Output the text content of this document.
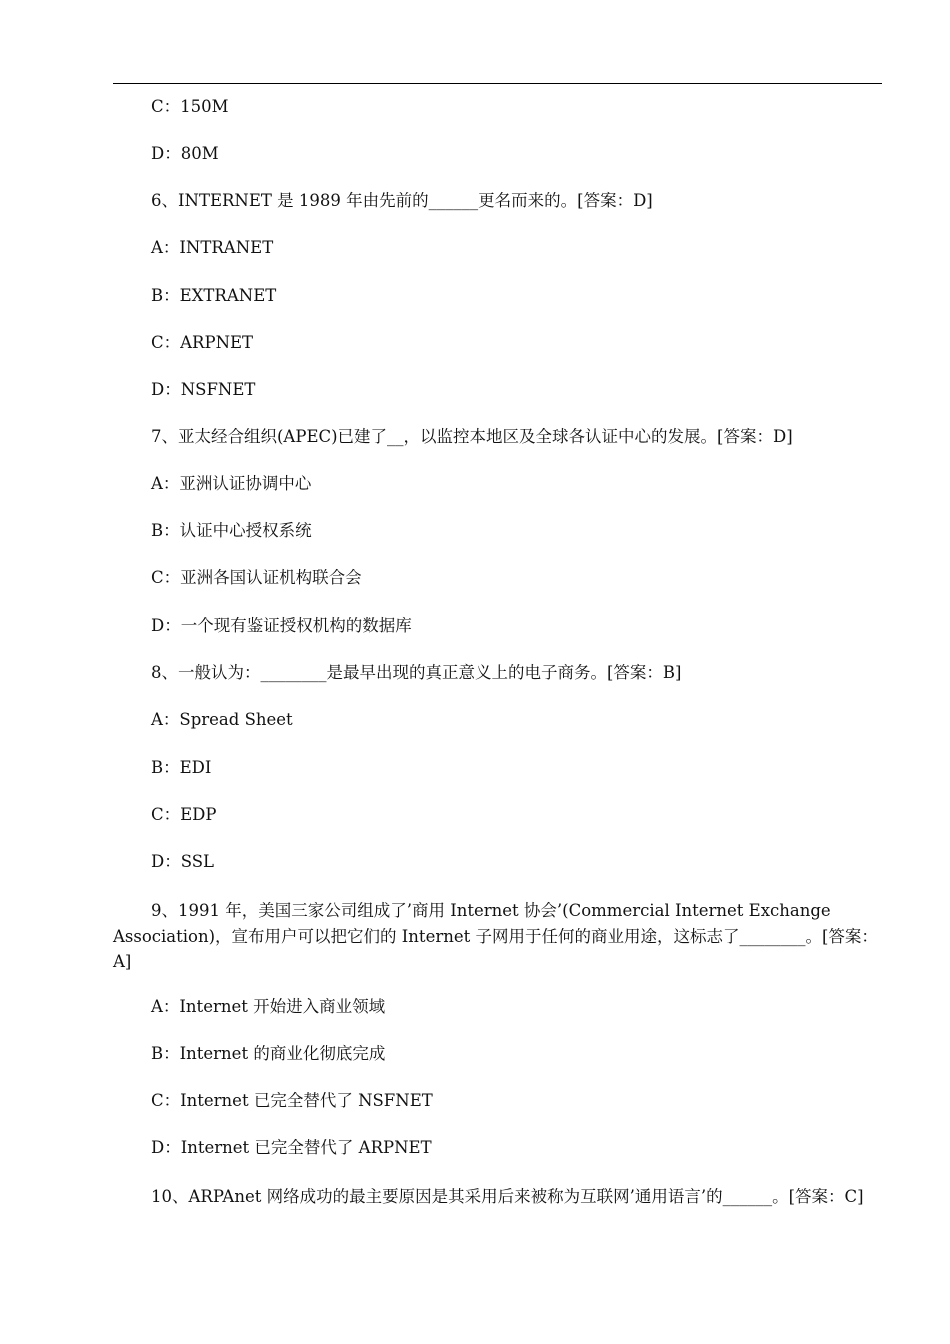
C：150M
D：80M
6、INTERNET 是 1989 年由先前的______更名而来的。[答案：D]
A：INTRANET
B：EXTRANET
C：ARPNET
D：NSFNET
7、亚太经合组织(APEC)已建了__，以监控本地区及全球各认证中心的发展。[答案：D]
A：亚洲认证协调中心
B：认证中心授权系统
C：亚洲各国认证机构联合会
D：一个现有鉴证授权机构的数据库
8、一般认为：________是最早出现的真正意义上的电子商务。[答案：B]
A：Spread Sheet
B：EDI
C：EDP
D：SSL
9、1991 年，美国三家公司组成了’商用 Internet 协会’(Commercial Internet Exchange Association)，宣布用户可以把它们的 Internet 子网用于任何的商业用途，这标志了________。[答案：A]
A：Internet 开始进入商业领域
B：Internet 的商业化彻底完成
C：Internet 已完全替代了 NSFNET
D：Internet 已完全替代了 ARPNET
10、ARPAnet 网络成功的最主要原因是其采用后来被称为互联网’通用语言’的______。[答案：C]
